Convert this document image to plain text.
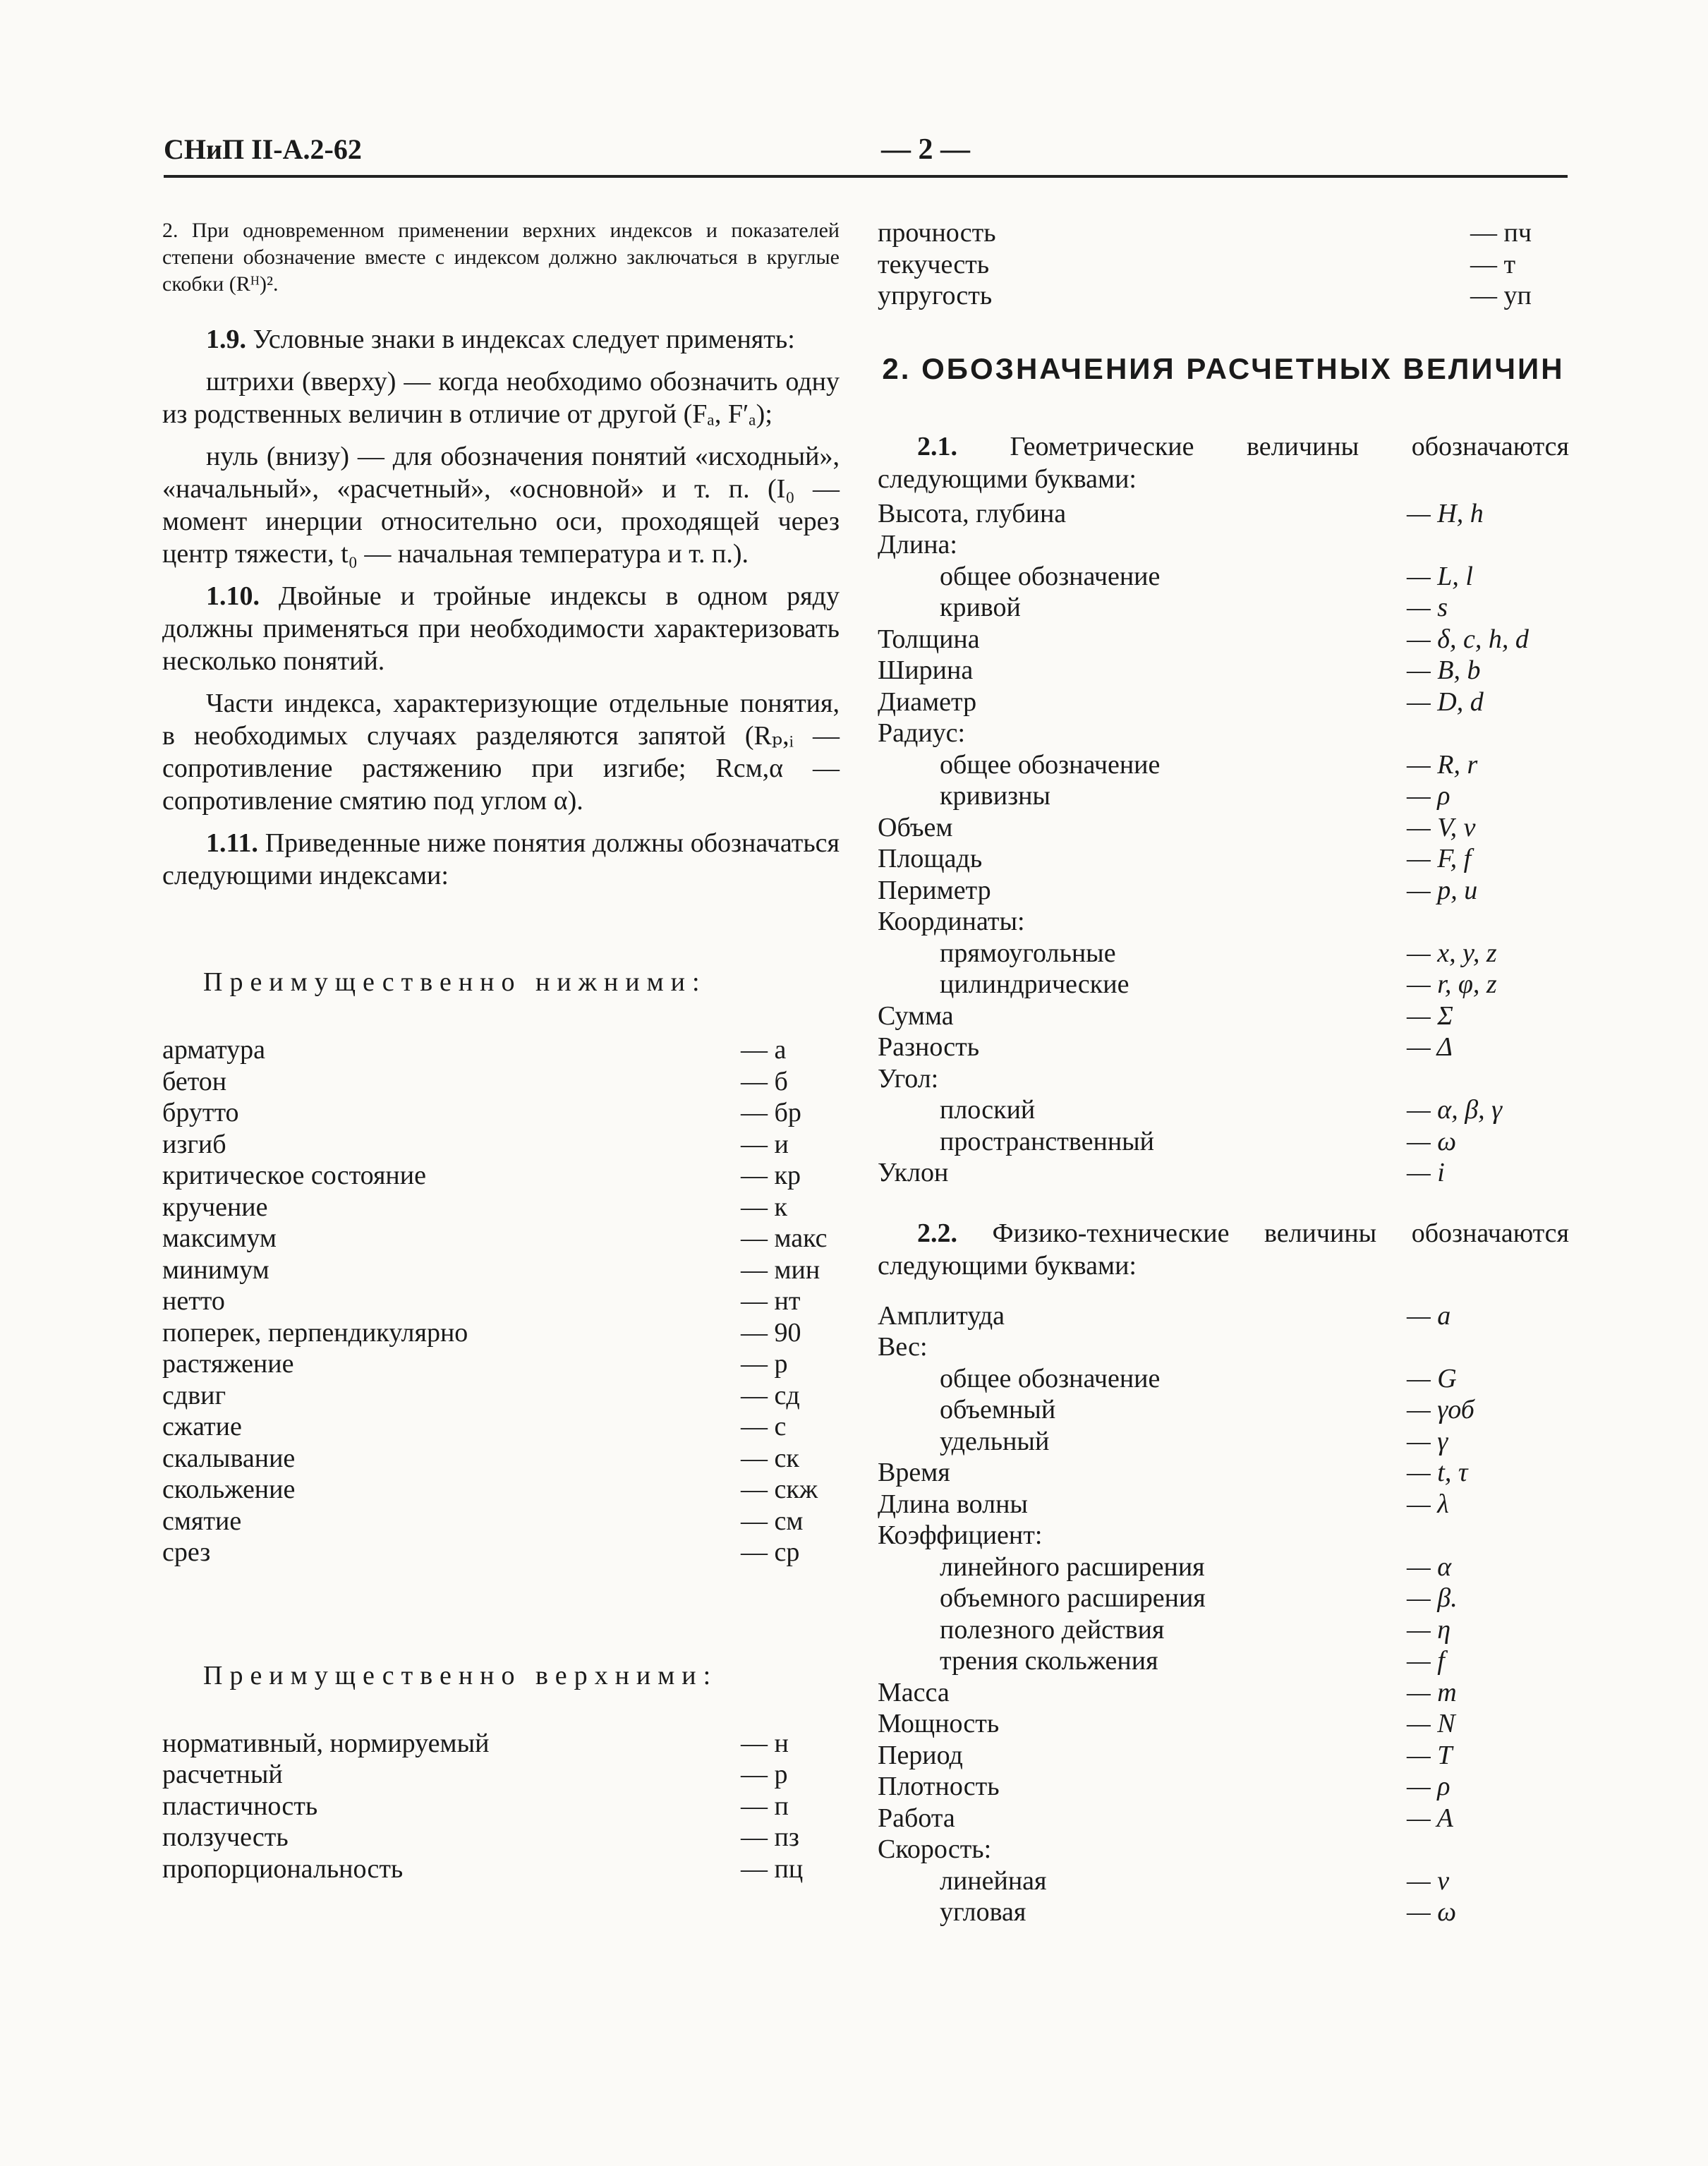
СНиП II-А.2-62	— 2 —

2. При одновременном применении верхних индексов и показателей степени обозначение вместе с индексом должно заключаться в круглые скобки (Rᴴ)².

1.9. Условные знаки в индексах следует применять:

штрихи (вверху) — когда необходимо обозначить одну из родственных величин в отличие от другой (Fₐ, F′ₐ);

нуль (внизу) — для обозначения понятий «исходный», «начальный», «расчетный», «основной» и т. п. (I₀ — момент инерции относительно оси, проходящей через центр тяжести, t₀ — начальная температура и т. п.).

1.10. Двойные и тройные индексы в одном ряду должны применяться при необходимости характеризовать несколько понятий.

Части индекса, характеризующие отдельные понятия, в необходимых случаях разделяются запятой (Rₚ,ᵢ — сопротивление растяжению при изгибе; Rсм,α — сопротивление смятию под углом α).

1.11. Приведенные ниже понятия должны обозначаться следующими индексами:

Преимущественно нижними:
арматура	— а
бетон	— б
брутто	— бр
изгиб	— и
критическое состояние	— кр
кручение	— к
максимум	— макс
минимум	— мин
нетто	— нт
поперек, перпендикулярно	— 90
растяжение	— р
сдвиг	— сд
сжатие	— с
скалывание	— ск
скольжение	— скж
смятие	— см
срез	— ср
Преимущественно верхними:
нормативный, нормируемый	— н
расчетный	— р
пластичность	— п
ползучесть	— пз
пропорциональность	— пц
прочность	— пч
текучесть	— т
упругость	— уп
2. ОБОЗНАЧЕНИЯ РАСЧЕТНЫХ ВЕЛИЧИН

2.1. Геометрические величины обозначаются следующими буквами:

Высота, глубина	— H, h
Длина:
общее обозначение	— L, l
кривой	— s
Толщина	— δ, c, h, d
Ширина	— B, b
Диаметр	— D, d
Радиус:
общее обозначение	— R, r
кривизны	— ρ
Объем	— V, v
Площадь	— F, f
Периметр	— p, u
Координаты:
прямоугольные	— x, y, z
цилиндрические	— r, φ, z
Сумма	— Σ
Разность	— Δ
Угол:
плоский	— α, β, γ
пространственный	— ω
Уклон	— i

2.2. Физико-технические величины обозначаются следующими буквами:

Амплитуда	— a
Вес:
общее обозначение	— G
объемный	— γоб
удельный	— γ
Время	— t, τ
Длина волны	— λ
Коэффициент:
линейного расширения	— α
объемного расширения	— β.
полезного действия	— η
трения скольжения	— f
Масса	— m
Мощность	— N
Период	— T
Плотность	— ρ
Работа	— A
Скорость:
линейная	— v
угловая	— ω
